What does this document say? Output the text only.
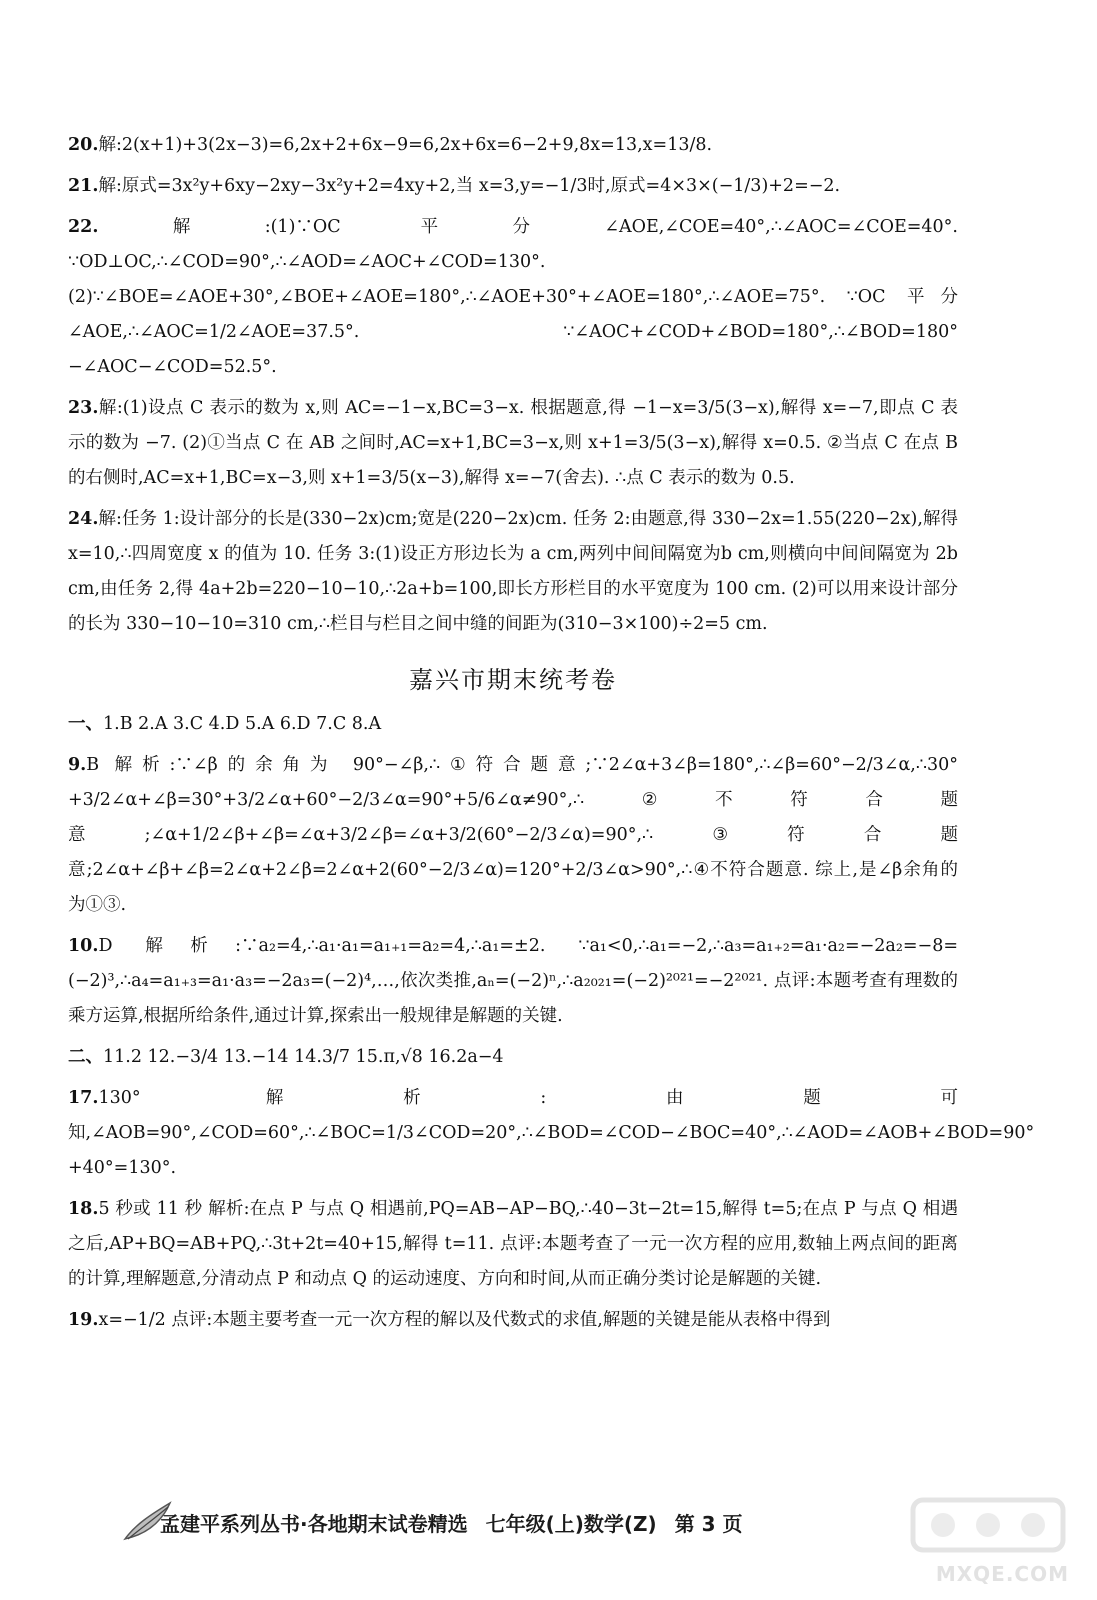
20.解:2(x+1)+3(2x−3)=6,2x+2+6x−9=6,2x+6x=6−2+9,8x=13,x=13/8.

21.解:原式=3x²y+6xy−2xy−3x²y+2=4xy+2,当 x=3,y=−1/3时,原式=4×3×(−1/3)+2=−2.

22.解:(1)∵OC 平分∠AOE,∠COE=40°,∴∠AOC=∠COE=40°. ∵OD⊥OC,∴∠COD=90°,∴∠AOD=∠AOC+∠COD=130°. (2)∵∠BOE=∠AOE+30°,∠BOE+∠AOE=180°,∴∠AOE+30°+∠AOE=180°,∴∠AOE=75°. ∵OC 平分∠AOE,∴∠AOC=1/2∠AOE=37.5°. ∵∠AOC+∠COD+∠BOD=180°,∴∠BOD=180°−∠AOC−∠COD=52.5°.

23.解:(1)设点 C 表示的数为 x,则 AC=−1−x,BC=3−x. 根据题意,得 −1−x=3/5(3−x),解得 x=−7,即点 C 表示的数为 −7. (2)①当点 C 在 AB 之间时,AC=x+1,BC=3−x,则 x+1=3/5(3−x),解得 x=0.5. ②当点 C 在点 B 的右侧时,AC=x+1,BC=x−3,则 x+1=3/5(x−3),解得 x=−7(舍去). ∴点 C 表示的数为 0.5.

24.解:任务 1:设计部分的长是(330−2x)cm;宽是(220−2x)cm. 任务 2:由题意,得 330−2x=1.55(220−2x),解得 x=10,∴四周宽度 x 的值为 10. 任务 3:(1)设正方形边长为 a cm,两列中间间隔宽为b cm,则横向中间间隔宽为 2b cm,由任务 2,得 4a+2b=220−10−10,∴2a+b=100,即长方形栏目的水平宽度为 100 cm. (2)可以用来设计部分的长为 330−10−10=310 cm,∴栏目与栏目之间中缝的间距为(310−3×100)÷2=5 cm.

嘉兴市期末统考卷

一、1.B 2.A 3.C 4.D 5.A 6.D 7.C 8.A

9.B 解析:∵∠β的余角为 90°−∠β,∴①符合题意;∵2∠α+3∠β=180°,∴∠β=60°−2/3∠α,∴30°+3/2∠α+∠β=30°+3/2∠α+60°−2/3∠α=90°+5/6∠α≠90°,∴②不符合题意;∠α+1/2∠β+∠β=∠α+3/2∠β=∠α+3/2(60°−2/3∠α)=90°,∴③符合题意;2∠α+∠β+∠β=2∠α+2∠β=2∠α+2(60°−2/3∠α)=120°+2/3∠α>90°,∴④不符合题意. 综上,是∠β余角的为①③.

10.D 解析:∵a₂=4,∴a₁·a₁=a₁₊₁=a₂=4,∴a₁=±2. ∵a₁<0,∴a₁=−2,∴a₃=a₁₊₂=a₁·a₂=−2a₂=−8=(−2)³,∴a₄=a₁₊₃=a₁·a₃=−2a₃=(−2)⁴,…,依次类推,aₙ=(−2)ⁿ,∴a₂₀₂₁=(−2)²⁰²¹=−2²⁰²¹. 点评:本题考查有理数的乘方运算,根据所给条件,通过计算,探索出一般规律是解题的关键.

二、11.2 12.−3/4 13.−14 14.3/7 15.π,√8 16.2a−4

17.130° 解析:由题可知,∠AOB=90°,∠COD=60°,∴∠BOC=1/3∠COD=20°,∴∠BOD=∠COD−∠BOC=40°,∴∠AOD=∠AOB+∠BOD=90°+40°=130°.

18.5 秒或 11 秒 解析:在点 P 与点 Q 相遇前,PQ=AB−AP−BQ,∴40−3t−2t=15,解得 t=5;在点 P 与点 Q 相遇之后,AP+BQ=AB+PQ,∴3t+2t=40+15,解得 t=11. 点评:本题考查了一元一次方程的应用,数轴上两点间的距离的计算,理解题意,分清动点 P 和动点 Q 的运动速度、方向和时间,从而正确分类讨论是解题的关键.

19.x=−1/2 点评:本题主要考查一元一次方程的解以及代数式的求值,解题的关键是能从表格中得到

孟建平系列丛书·各地期末试卷精选 七年级(上)数学(Z) 第 3 页
MXQE.COM
